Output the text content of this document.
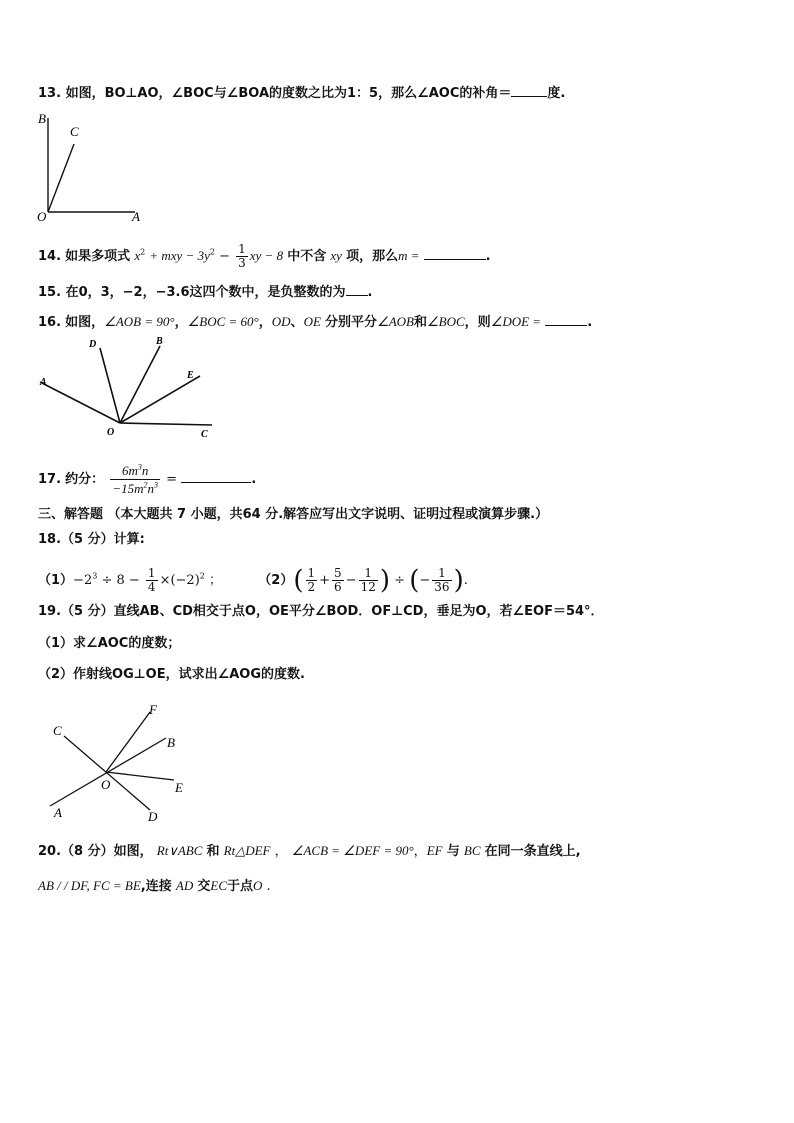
13. 如图，BO⊥AO，∠BOC与∠BOA的度数之比为1：5，那么∠AOC的补角＝	度.
B
C
O	A
14. 如果多项式 $x^2$ + mxy − $3y^2 - \frac{1}{3}$ xy − 8 中不含 xy 项，那么m =	.
15. 在0，3，−2，−3.6这四个数中，是负整数的为 .
16. 如图，∠AOB = 90°，∠BOC = 60°，OD、OE 分别平分∠AOB和∠BOC，则∠DOE =	.
D	B
E
A
O	C
17. 约分： $\frac{6m^3n}{-15m^2n^3}$ =	.
三、解答题 （本大题共 7 小题，共64 分.解答应写出文字说明、证明过程或演算步骤.）
18.（5 分）计算:
$(1)-2^3 \div 8 - \frac{1}{4} \times(-2)^2$ ；	$(2)( \frac{1}{2} + \frac{5}{6} - \frac{1}{12}$ ) ÷ (− $\frac{1}{36}$ ).
19.（5 分）直线AB、CD相交于点O，OE平分∠BOD．OF⊥CD，垂足为O，若∠EOF＝54°．
（1）求∠AOC的度数；
（2）作射线OG⊥OE，试求出∠AOG的度数.
F
C
B
O	E
A	D
20.（8 分）如图， Rt∨ABC 和 Rt△DEF ， ∠ACB = ∠DEF = 90°，EF 与 BC 在同一条直线上,
AB / / DF, FC = BE,连接 AD 交EC于点O .
